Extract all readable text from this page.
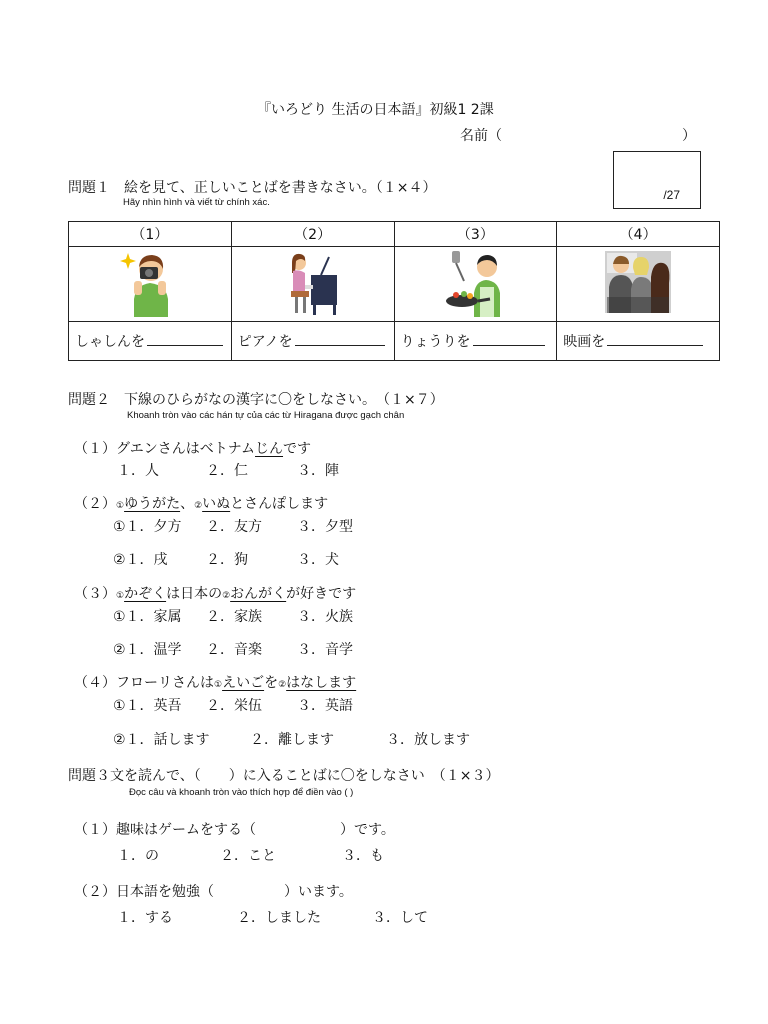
『いろどり 生活の日本語』初級1 2課
名前（	）
/27
問題１　絵を見て、正しいことばを書きなさい。（１×４）
Hãy nhìn hình và viết từ chính xác.
（1）	（2）	（3）	（4）

しゃしんを	ピアノを	りょうりを	映画を
問題２　下線のひらがなの漢字に〇をしなさい。　（１×７）
Khoanh tròn vào các hán tự của các từ Hiragana được gạch chân
（１）グエンさんはベトナムじんです
１．人	２．仁	３．陣
（２）①ゆうがた、②いぬとさんぽします
①１．夕方 ２．友方	３．夕型
②１．戌	２．狗	３．犬
（３）①かぞくは日本の②おんがくが好きです
①１．家属 ２．家族	３．火族
②１．温学 ２．音楽	３．音学
（４）フローリさんは①えいごを②はなします
①１．英吾 ２．栄伍	３．英語
②１．話します	２．離します	３．放します
問題３文を読んで、（　　）に入ることばに〇をしなさい　（１×３）
Đọc câu và khoanh tròn vào thích hợp để điền vào ( )
（１）趣味はゲームをする（	）です。
１．の	２．こと	３．も
（２）日本語を勉強（	）います。
１．する	２．しました	３．して
